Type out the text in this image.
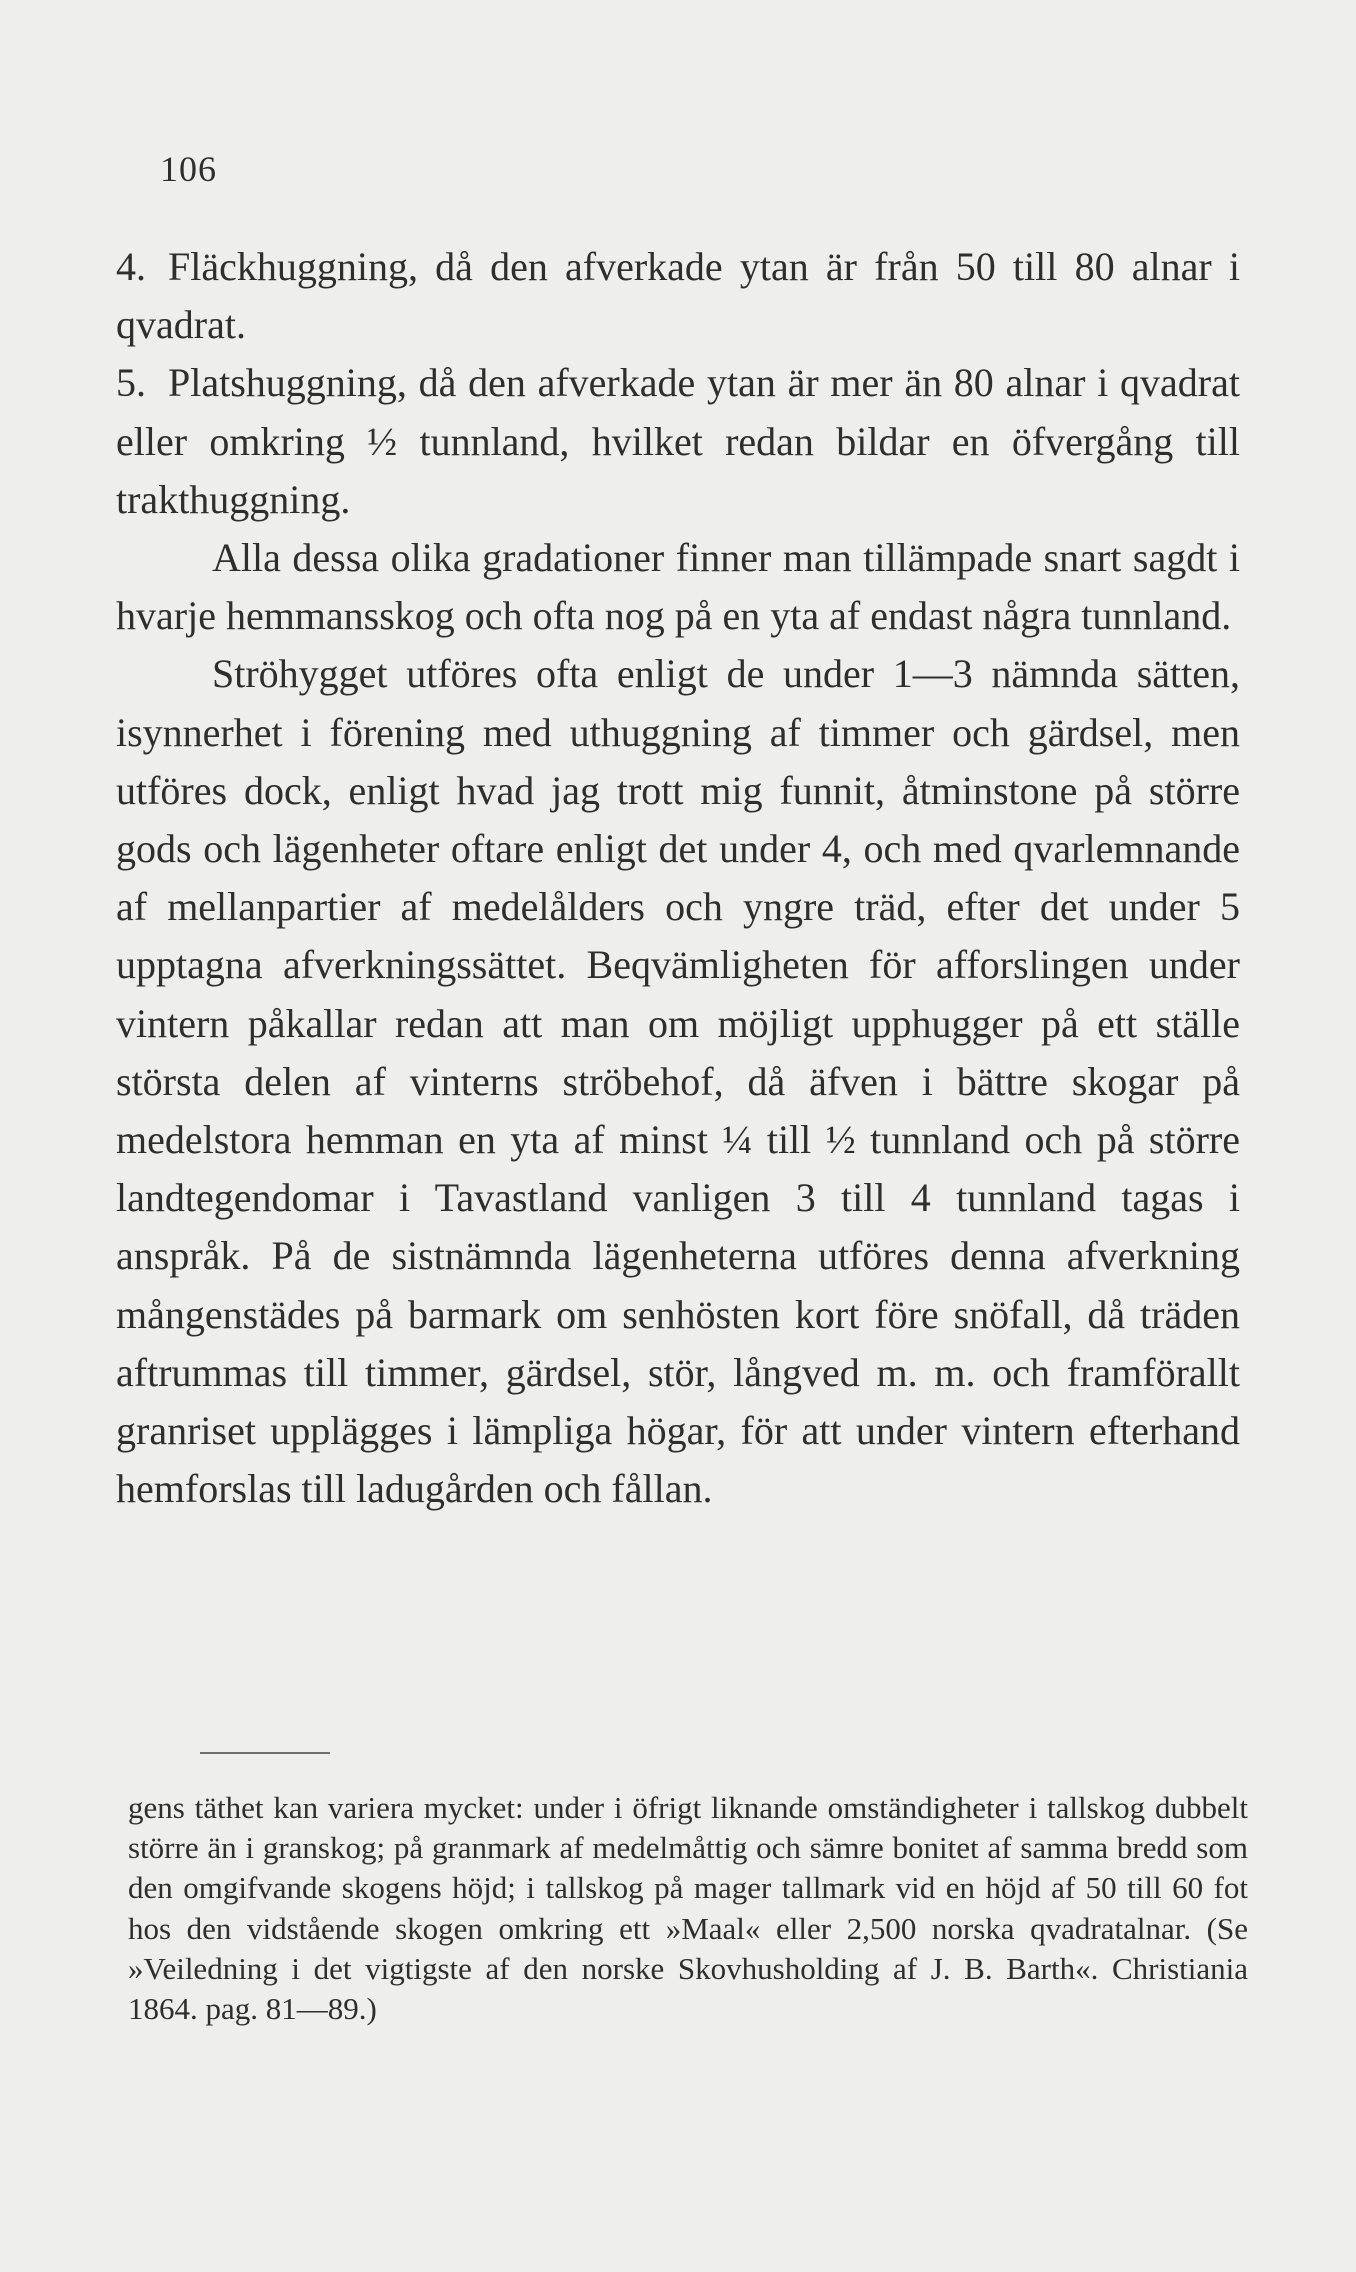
106

4. Fläckhuggning, då den afverkade ytan är från 50 till 80 alnar i qvadrat.

5. Platshuggning, då den afverkade ytan är mer än 80 alnar i qvadrat eller omkring ½ tunnland, hvilket redan bildar en öfvergång till trakthuggning.

Alla dessa olika gradationer finner man tillämpade snart sagdt i hvarje hemmansskog och ofta nog på en yta af endast några tunnland.

Ströhygget utföres ofta enligt de under 1—3 nämnda sätten, isynnerhet i förening med uthuggning af timmer och gärdsel, men utföres dock, enligt hvad jag trott mig funnit, åtminstone på större gods och lägenheter oftare enligt det under 4, och med qvarlemnande af mellanpartier af medelålders och yngre träd, efter det under 5 upptagna afverkningssättet. Beqvämligheten för afforslingen under vintern påkallar redan att man om möjligt upphugger på ett ställe största delen af vinterns ströbehof, då äfven i bättre skogar på medelstora hemman en yta af minst ¼ till ½ tunnland och på större landtegendomar i Tavastland vanligen 3 till 4 tunnland tagas i anspråk. På de sistnämnda lägenheterna utföres denna afverkning mångenstädes på barmark om senhösten kort före snöfall, då träden aftrummas till timmer, gärdsel, stör, långved m. m. och framförallt granriset upplägges i lämpliga högar, för att under vintern efterhand hemforslas till ladugården och fållan.

gens täthet kan variera mycket: under i öfrigt liknande omständigheter i tallskog dubbelt större än i granskog; på granmark af medelmåttig och sämre bonitet af samma bredd som den omgifvande skogens höjd; i tallskog på mager tallmark vid en höjd af 50 till 60 fot hos den vidstående skogen omkring ett »Maal« eller 2,500 norska qvadratalnar. (Se »Veiledning i det vigtigste af den norske Skovhusholding af J. B. Barth«. Christiania 1864. pag. 81—89.)
